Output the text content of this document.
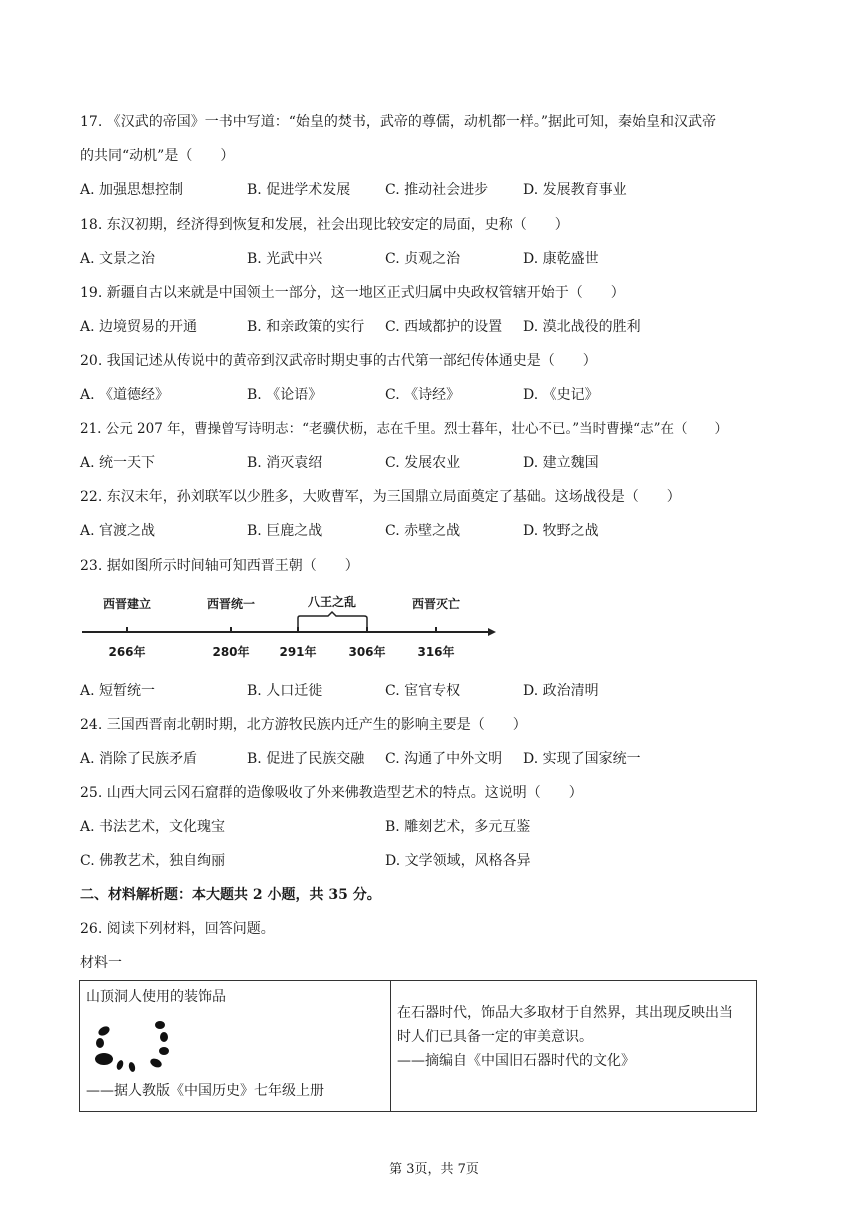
17. 《汉武的帝国》一书中写道：“始皇的焚书，武帝的尊儒，动机都一样。”据此可知，秦始皇和汉武帝
的共同“动机”是（　　）
A. 加强思想控制	B. 促进学术发展 C. 推动社会进步 D. 发展教育事业
18. 东汉初期，经济得到恢复和发展，社会出现比较安定的局面，史称（　　）
A. 文景之治	B. 光武中兴	C. 贞观之治	D. 康乾盛世
19. 新疆自古以来就是中国领土一部分，这一地区正式归属中央政权管辖开始于（　　）
A. 边境贸易的开通	B. 和亲政策的实行 C. 西域都护的设置 D. 漠北战役的胜利
20. 我国记述从传说中的黄帝到汉武帝时期史事的古代第一部纪传体通史是（　　）
A. 《道德经》	B. 《论语》	C. 《诗经》	D. 《史记》
21. 公元 207 年，曹操曾写诗明志：“老骥伏枥，志在千里。烈士暮年，壮心不已。”当时曹操“志”在（　　）
A. 统一天下	B. 消灭袁绍	C. 发展农业	D. 建立魏国
22. 东汉末年，孙刘联军以少胜多，大败曹军，为三国鼎立局面奠定了基础。这场战役是（　　）
A. 官渡之战	B. 巨鹿之战	C. 赤壁之战	D. 牧野之战
23. 据如图所示时间轴可知西晋王朝（　　）
西晋建立	西晋统一	八王之乱	西晋灭亡
266年	280年 291年	306年	316年
A. 短暂统一	B. 人口迁徙	C. 宦官专权	D. 政治清明
24. 三国西晋南北朝时期，北方游牧民族内迁产生的影响主要是（　　）
A. 消除了民族矛盾	B. 促进了民族交融 C. 沟通了中外文明 D. 实现了国家统一
25. 山西大同云冈石窟群的造像吸收了外来佛教造型艺术的特点。这说明（　　）
A. 书法艺术，文化瑰宝	B. 雕刻艺术，多元互鉴
C. 佛教艺术，独自绚丽	D. 文学领域，风格各异
二、材料解析题：本大题共 2 小题，共 35 分。
26. 阅读下列材料，回答问题。
材料一
山顶洞人使用的装饰品
——据人教版《中国历史》七年级上册

在石器时代，饰品大多取材于自然界，其出现反映出当
时人们已具备一定的审美意识。
——摘编自《中国旧石器时代的文化》
第 3页，共 7页
